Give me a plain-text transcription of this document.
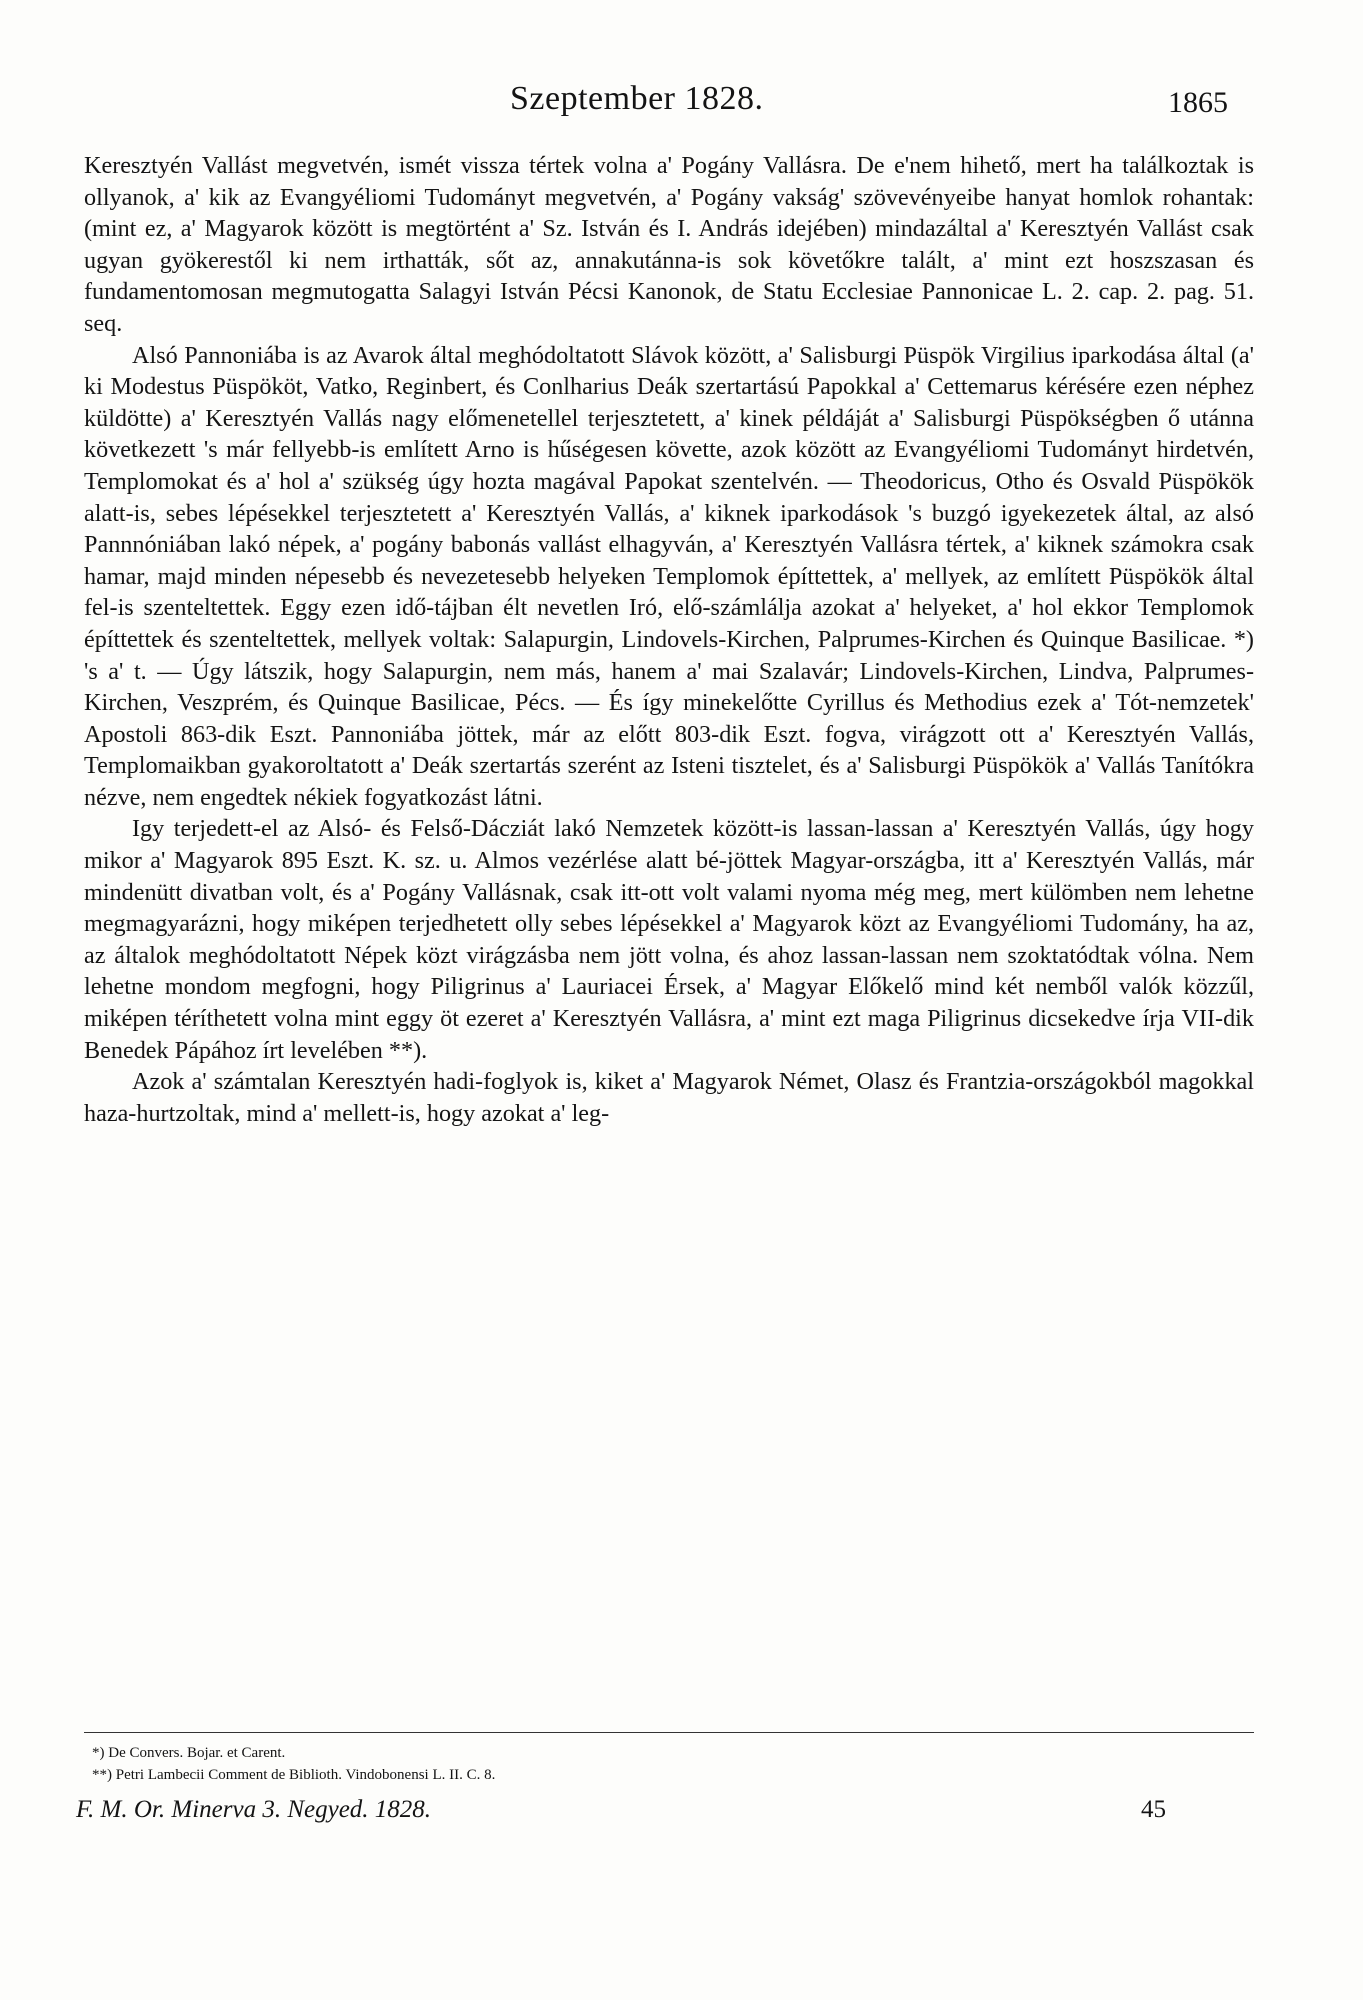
Szeptember 1828.	1865

Keresztyén Vallást megvetvén, ismét vissza tértek volna a' Pogány Vallásra. De e'nem hihető, mert ha találkoztak is ollyanok, a' kik az Evangyéliomi Tudományt megvetvén, a' Pogány vakság' szövevényeibe hanyat homlok rohantak: (mint ez, a' Magyarok között is megtörtént a' Sz. István és I. András idejében) mindazáltal a' Keresztyén Vallást csak ugyan gyökerestől ki nem irthatták, sőt az, annakutánna-is sok követőkre talált, a' mint ezt hoszszasan és fundamentomosan megmutogatta Salagyi István Pécsi Kanonok, de Statu Ecclesiae Pannonicae L. 2. cap. 2. pag. 51. seq.

Alsó Pannoniába is az Avarok által meghódoltatott Slávok között, a' Salisburgi Püspök Virgilius iparkodása által (a' ki Modestus Püspököt, Vatko, Reginbert, és Conlharius Deák szertartású Papokkal a' Cettemarus kérésére ezen néphez küldötte) a' Keresztyén Vallás nagy előmenetellel terjesztetett, a' kinek példáját a' Salisburgi Püspökségben ő utánna következett 's már fellyebb-is említett Arno is hűségesen követte, azok között az Evangyéliomi Tudományt hirdetvén, Templomokat és a' hol a' szükség úgy hozta magával Papokat szentelvén. — Theodoricus, Otho és Osvald Püspökök alatt-is, sebes lépésekkel terjesztetett a' Keresztyén Vallás, a' kiknek iparkodások 's buzgó igyekezetek által, az alsó Pannnóniában lakó népek, a' pogány babonás vallást elhagyván, a' Keresztyén Vallásra tértek, a' kiknek számokra csak hamar, majd minden népesebb és nevezetesebb helyeken Templomok építtettek, a' mellyek, az említett Püspökök által fel-is szenteltettek. Eggy ezen idő-tájban élt nevetlen Iró, elő-számlálja azokat a' helyeket, a' hol ekkor Templomok építtettek és szenteltettek, mellyek voltak: Salapurgin, Lindovels-Kirchen, Palprumes-Kirchen és Quinque Basilicae. *) 's a' t. — Úgy látszik, hogy Salapurgin, nem más, hanem a' mai Szalavár; Lindovels-Kirchen, Lindva, Palprumes-Kirchen, Veszprém, és Quinque Basilicae, Pécs. — És így minekelőtte Cyrillus és Methodius ezek a' Tót-nemzetek' Apostoli 863-dik Eszt. Pannoniába jöttek, már az előtt 803-dik Eszt. fogva, virágzott ott a' Keresztyén Vallás, Templomaikban gyakoroltatott a' Deák szertartás szerént az Isteni tisztelet, és a' Salisburgi Püspökök a' Vallás Tanítókra nézve, nem engedtek nékiek fogyatkozást látni.

Igy terjedett-el az Alsó- és Felső-Dácziát lakó Nemzetek között-is lassan-lassan a' Keresztyén Vallás, úgy hogy mikor a' Magyarok 895 Eszt. K. sz. u. Almos vezérlése alatt bé-jöttek Magyar-országba, itt a' Keresztyén Vallás, már mindenütt divatban volt, és a' Pogány Vallásnak, csak itt-ott volt valami nyoma még meg, mert külömben nem lehetne megmagyarázni, hogy miképen terjedhetett olly sebes lépésekkel a' Magyarok közt az Evangyéliomi Tudomány, ha az, az általok meghódoltatott Népek közt virágzásba nem jött volna, és ahoz lassan-lassan nem szoktatódtak vólna. Nem lehetne mondom megfogni, hogy Piligrinus a' Lauriacei Érsek, a' Magyar Előkelő mind két nemből valók közzűl, miképen téríthetett volna mint eggy öt ezeret a' Keresztyén Vallásra, a' mint ezt maga Piligrinus dicsekedve írja VII-dik Benedek Pápához írt levelében **).

Azok a' számtalan Keresztyén hadi-foglyok is, kiket a' Magyarok Német, Olasz és Frantzia-országokból magokkal haza-hurtzoltak, mind a' mellett-is, hogy azokat a' leg-

*) De Convers. Bojar. et Carent.
**) Petri Lambecii Comment de Biblioth. Vindobonensi L. II. C. 8.
F. M. Or. Minerva 3. Negyed. 1828.	45
